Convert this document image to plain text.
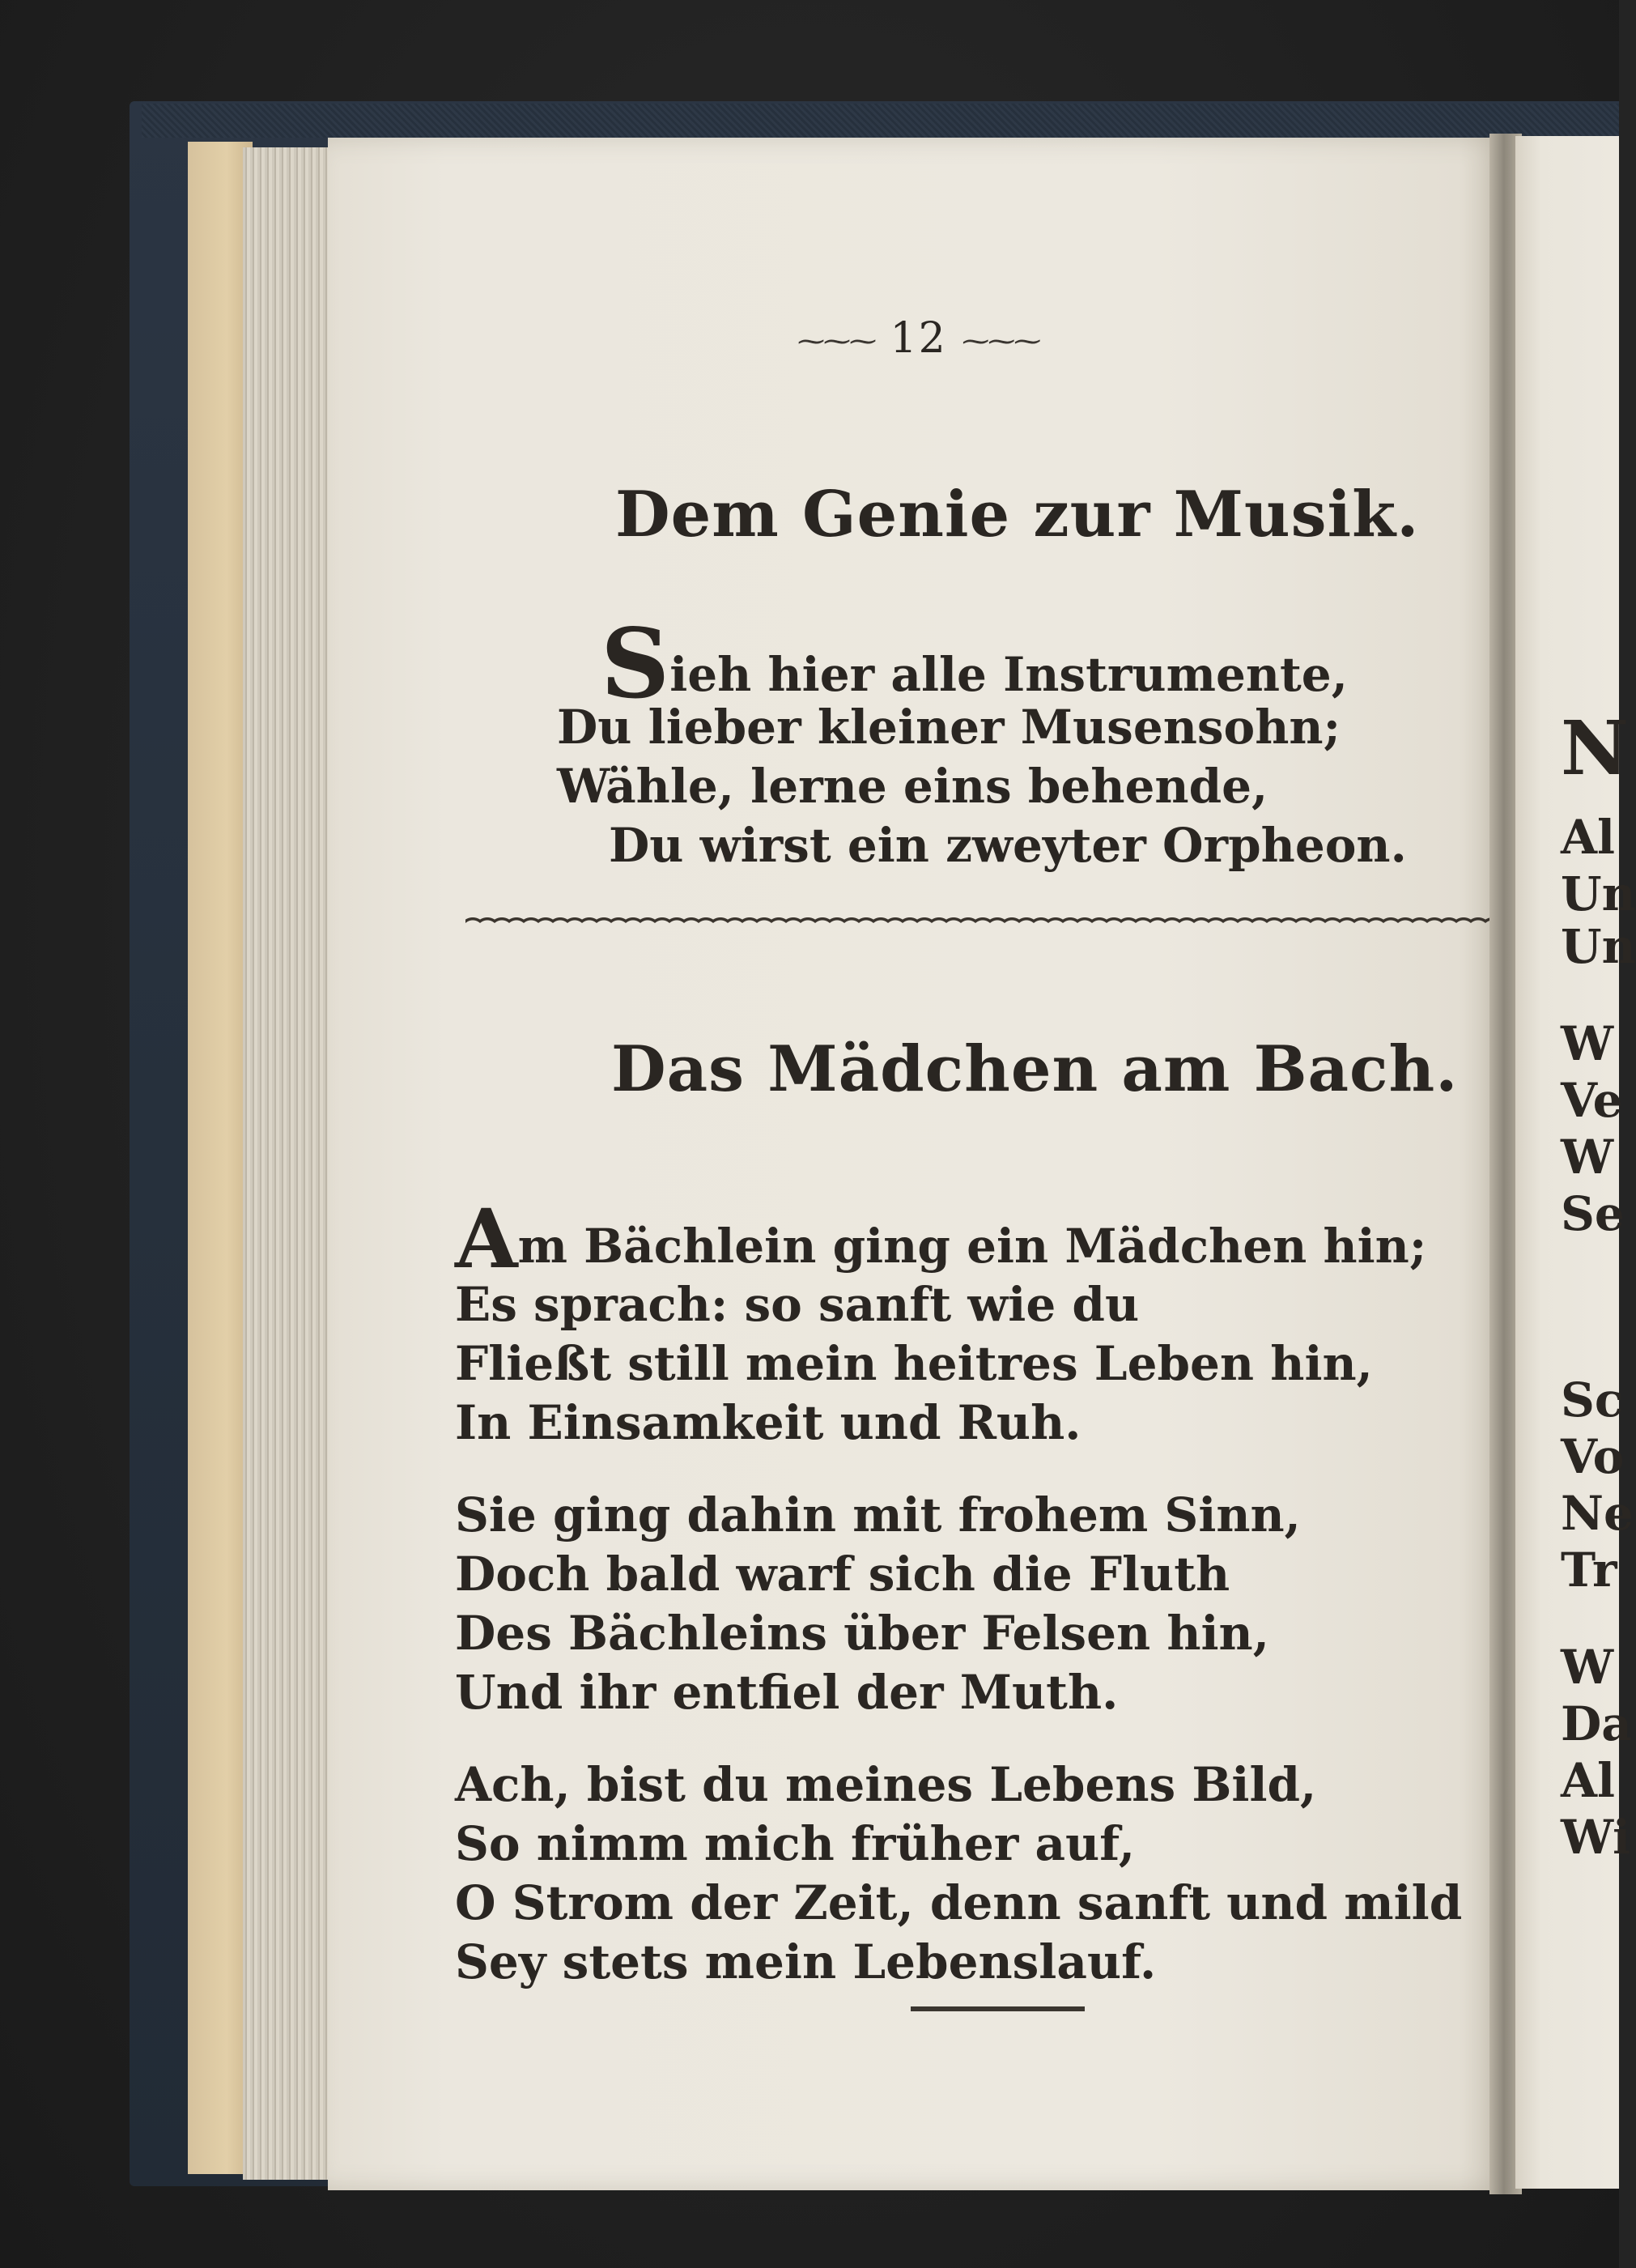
⁓⁓⁓ 12 ⁓⁓⁓
Dem Genie zur Musik.
Sieh hier alle Instrumente,
Du lieber kleiner Musensohn;
Wähle, lerne eins behende,
Du wirst ein zweyter Orpheon.
Das Mädchen am Bach.
Am Bächlein ging ein Mädchen hin;
Es sprach: so sanft wie du
Fließt still mein heitres Leben hin,
In Einsamkeit und Ruh.
Sie ging dahin mit frohem Sinn,
Doch bald warf sich die Fluth
Des Bächleins über Felsen hin,
Und ihr entfiel der Muth.
Ach, bist du meines Lebens Bild,
So nimm mich früher auf,
O Strom der Zeit, denn sanft und mild
Sey stets mein Lebenslauf.
N
Al
Un
Un
W
Ve
W
Se
Sc
Vo
Ne
Tr
W
Da
Al
Wi
